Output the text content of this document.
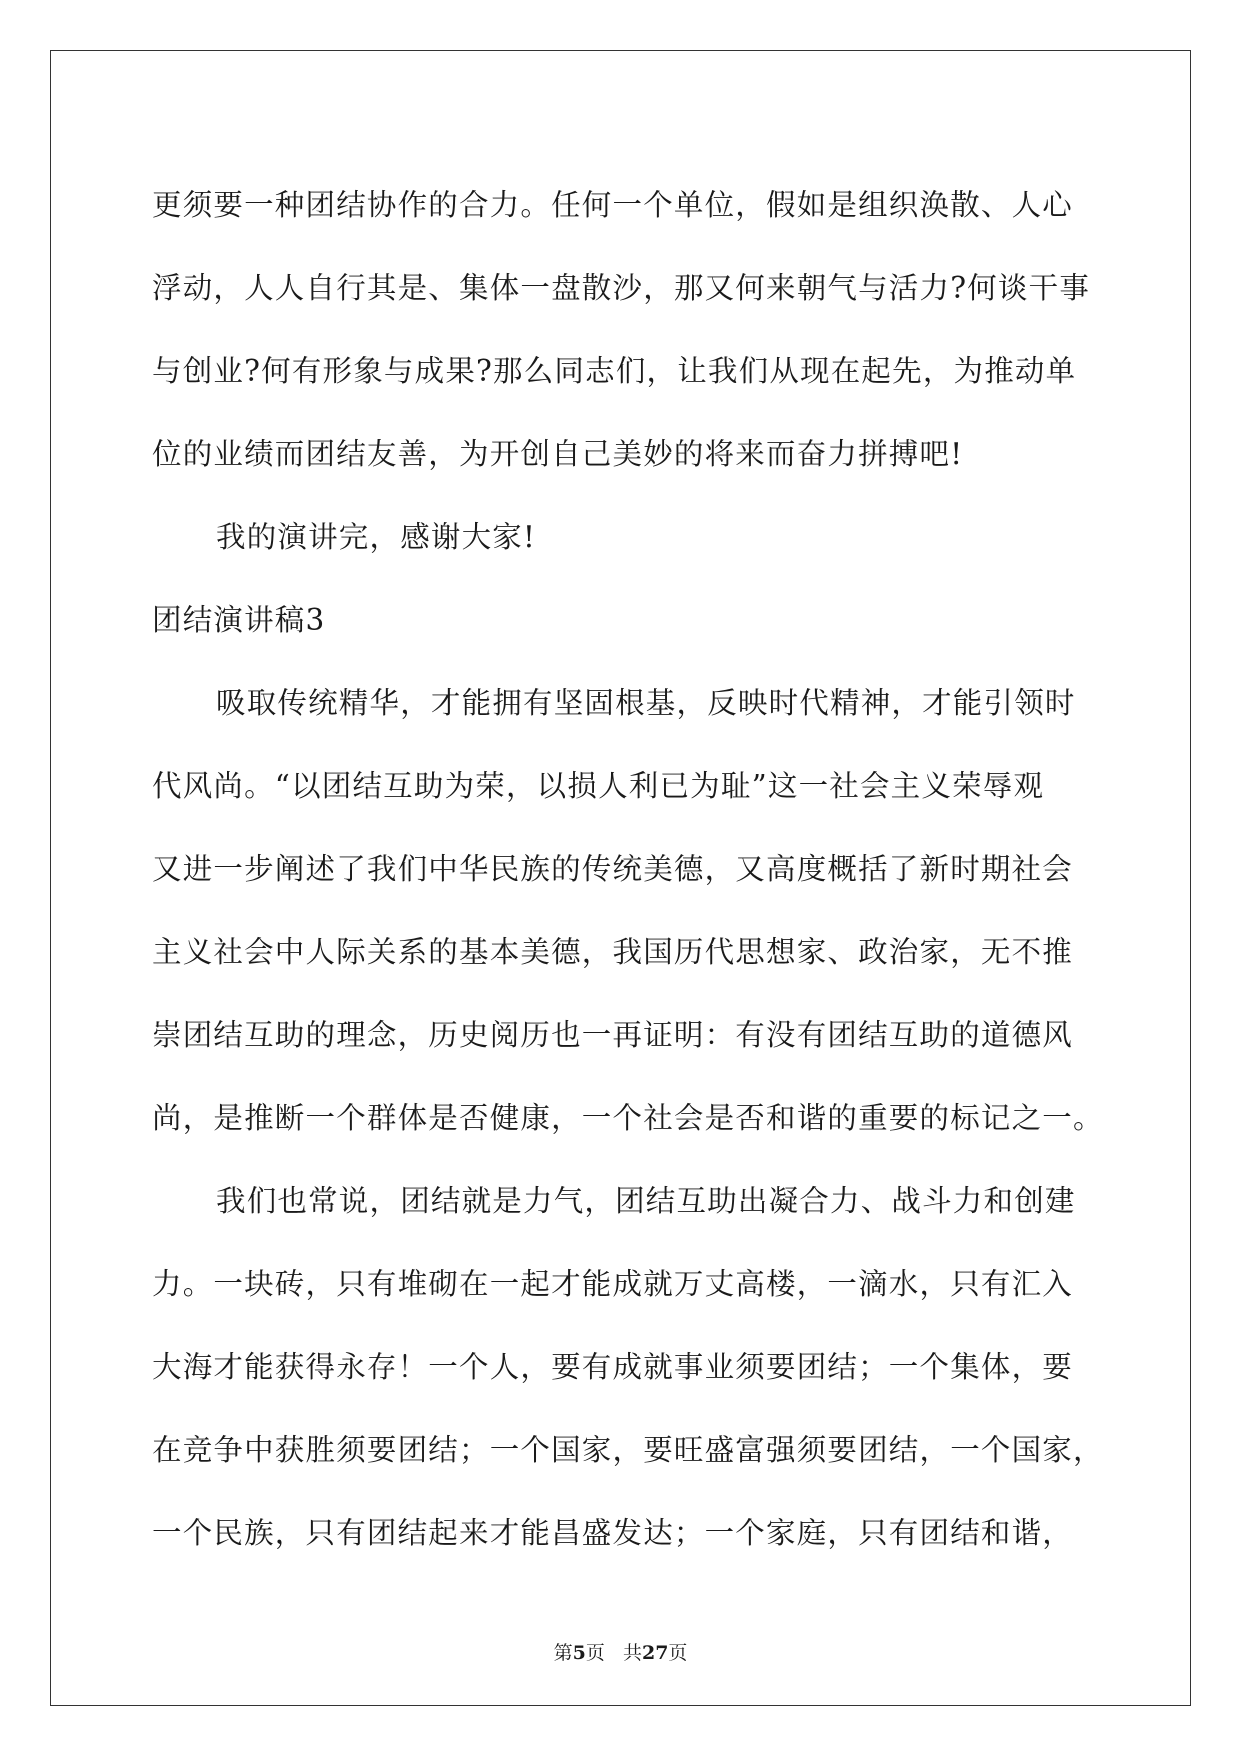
更须要一种团结协作的合力。任何一个单位，假如是组织涣散、人心
浮动，人人自行其是、集体一盘散沙，那又何来朝气与活力?何谈干事
与创业?何有形象与成果?那么同志们，让我们从现在起先，为推动单
位的业绩而团结友善，为开创自己美妙的将来而奋力拼搏吧!
我的演讲完，感谢大家!
团结演讲稿3
吸取传统精华，才能拥有坚固根基，反映时代精神，才能引领时
代风尚。“以团结互助为荣，以损人利已为耻”这一社会主义荣辱观
又进一步阐述了我们中华民族的传统美德，又高度概括了新时期社会
主义社会中人际关系的基本美德，我国历代思想家、政治家，无不推
崇团结互助的理念，历史阅历也一再证明：有没有团结互助的道德风
尚，是推断一个群体是否健康，一个社会是否和谐的重要的标记之一。
我们也常说，团结就是力气，团结互助出凝合力、战斗力和创建
力。一块砖，只有堆砌在一起才能成就万丈高楼，一滴水，只有汇入
大海才能获得永存！一个人，要有成就事业须要团结；一个集体，要
在竞争中获胜须要团结；一个国家，要旺盛富强须要团结，一个国家，
一个民族，只有团结起来才能昌盛发达；一个家庭，只有团结和谐，
第5页 共27页
